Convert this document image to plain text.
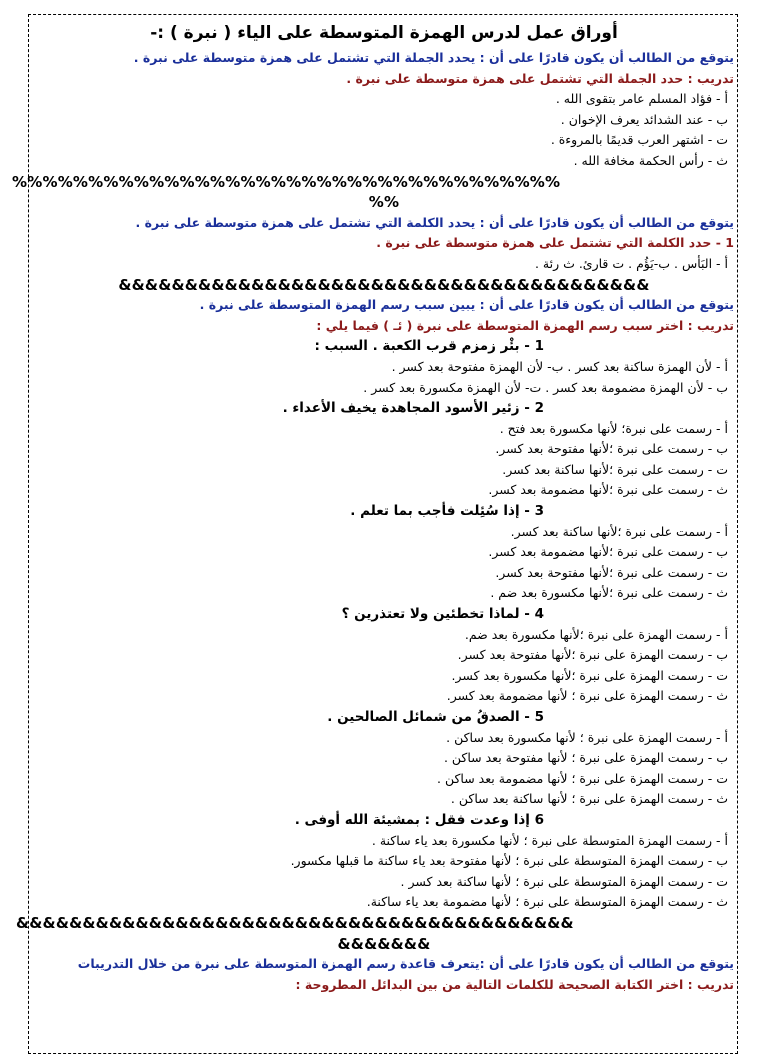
أوراق عمل لدرس الهمزة المتوسطة على الياء ( نبرة ) :-
يتوقع من الطالب أن يكون قادرًا على أن : يحدد الجملة التي تشتمل على همزة متوسطة على نبرة .
تدريب : حدد الجملة التي تشتمل على همزة متوسطة على نبرة .
أ - فؤاد المسلم عامر بتقوى الله .
ب - عند الشدائد يعرف الإخوان .
ت - اشتهر العرب قديمًا بالمروءة .
ث - رأس الحكمة مخافة الله .
%%%%%%%%%%%%%%%%%%%%%%%%%%%%%%%%%%%%
%%
يتوقع من الطالب أن يكون قادرًا على أن : يحدد الكلمة التي تشتمل على همزة متوسطة على نبرة .
1 - حدد الكلمة التي تشتمل على همزة متوسطة على نبرة .
أ - البَأس . ب-يَؤُم . ت قارئ. ث رئة .
&&&&&&&&&&&&&&&&&&&&&&&&&&&&&&&&&&&&&&&&
يتوقع من الطالب أن يكون قادرًا على أن : يبين سبب رسم الهمزة المتوسطة على نبرة .
تدريب : اختر سبب رسم الهمزة المتوسطة على نبرة ( ئـ ) فيما يلي :
1 - بئْر زمزم قرب الكعبة . السبب :
أ - لأن الهمزة ساكنة بعد كسر . ب- لأن الهمزة مفتوحة بعد كسر .
ب - لأن الهمزة مضمومة بعد كسر . ت- لأن الهمزة مكسورة بعد كسر .
2 - زئير الأسود المجاهدة يخيف الأعداء .
أ - رسمت على نبرة؛ لأنها مكسورة بعد فتح .
ب - رسمت على نبرة ؛لأنها مفتوحة بعد كسر.
ت - رسمت على نبرة ؛لأنها ساكنة بعد كسر.
ث - رسمت على نبرة ؛لأنها مضمومة بعد كسر.
3 - إذا سُئِلت فأجب بما تعلم .
أ - رسمت على نبرة ؛لأنها ساكنة بعد كسر.
ب - رسمت على نبرة ؛لأنها مضمومة بعد كسر.
ت - رسمت على نبرة ؛لأنها مفتوحة بعد كسر.
ث - رسمت على نبرة ؛لأنها مكسورة بعد ضم .
4 - لماذا تخطئين ولا تعتذرين ؟
أ - رسمت الهمزة على نبرة ؛لأنها مكسورة بعد ضم.
ب - رسمت الهمزة على نبرة ؛لأنها مفتوحة بعد كسر.
ت - رسمت الهمزة على نبرة ؛لأنها مكسورة بعد كسر.
ث - رسمت الهمزة على نبرة ؛ لأنها مضمومة بعد كسر.
5 - الصدقُ من شمائل الصالحين .
أ - رسمت الهمزة على نبرة ؛ لأنها مكسورة بعد ساكن .
ب - رسمت الهمزة على نبرة ؛ لأنها مفتوحة بعد ساكن .
ت - رسمت الهمزة على نبرة ؛ لأنها مضمومة بعد ساكن .
ث - رسمت الهمزة على نبرة ؛ لأنها ساكنة بعد ساكن .
6 إذا وعدت فقل : بمشيئة الله أوفى .
أ - رسمت الهمزة المتوسطة على نبرة ؛ لأنها مكسورة بعد ياء ساكنة .
ب - رسمت الهمزة المتوسطة على نبرة ؛ لأنها مفتوحة بعد ياء ساكنة ما قبلها مكسور.
ت - رسمت الهمزة المتوسطة على نبرة ؛ لأنها ساكنة بعد كسر .
ث - رسمت الهمزة المتوسطة على نبرة ؛ لأنها مضمومة بعد ياء ساكنة.
&&&&&&&&&&&&&&&&&&&&&&&&&&&&&&&&&&&&&&&&&&
&&&&&&&
يتوقع من الطالب أن يكون قادرًا على أن :يتعرف قاعدة رسم الهمزة المتوسطة على نبرة من خلال التدريبات
تدريب : اختر الكتابة الصحيحة للكلمات التالية من بين البدائل المطروحة :
